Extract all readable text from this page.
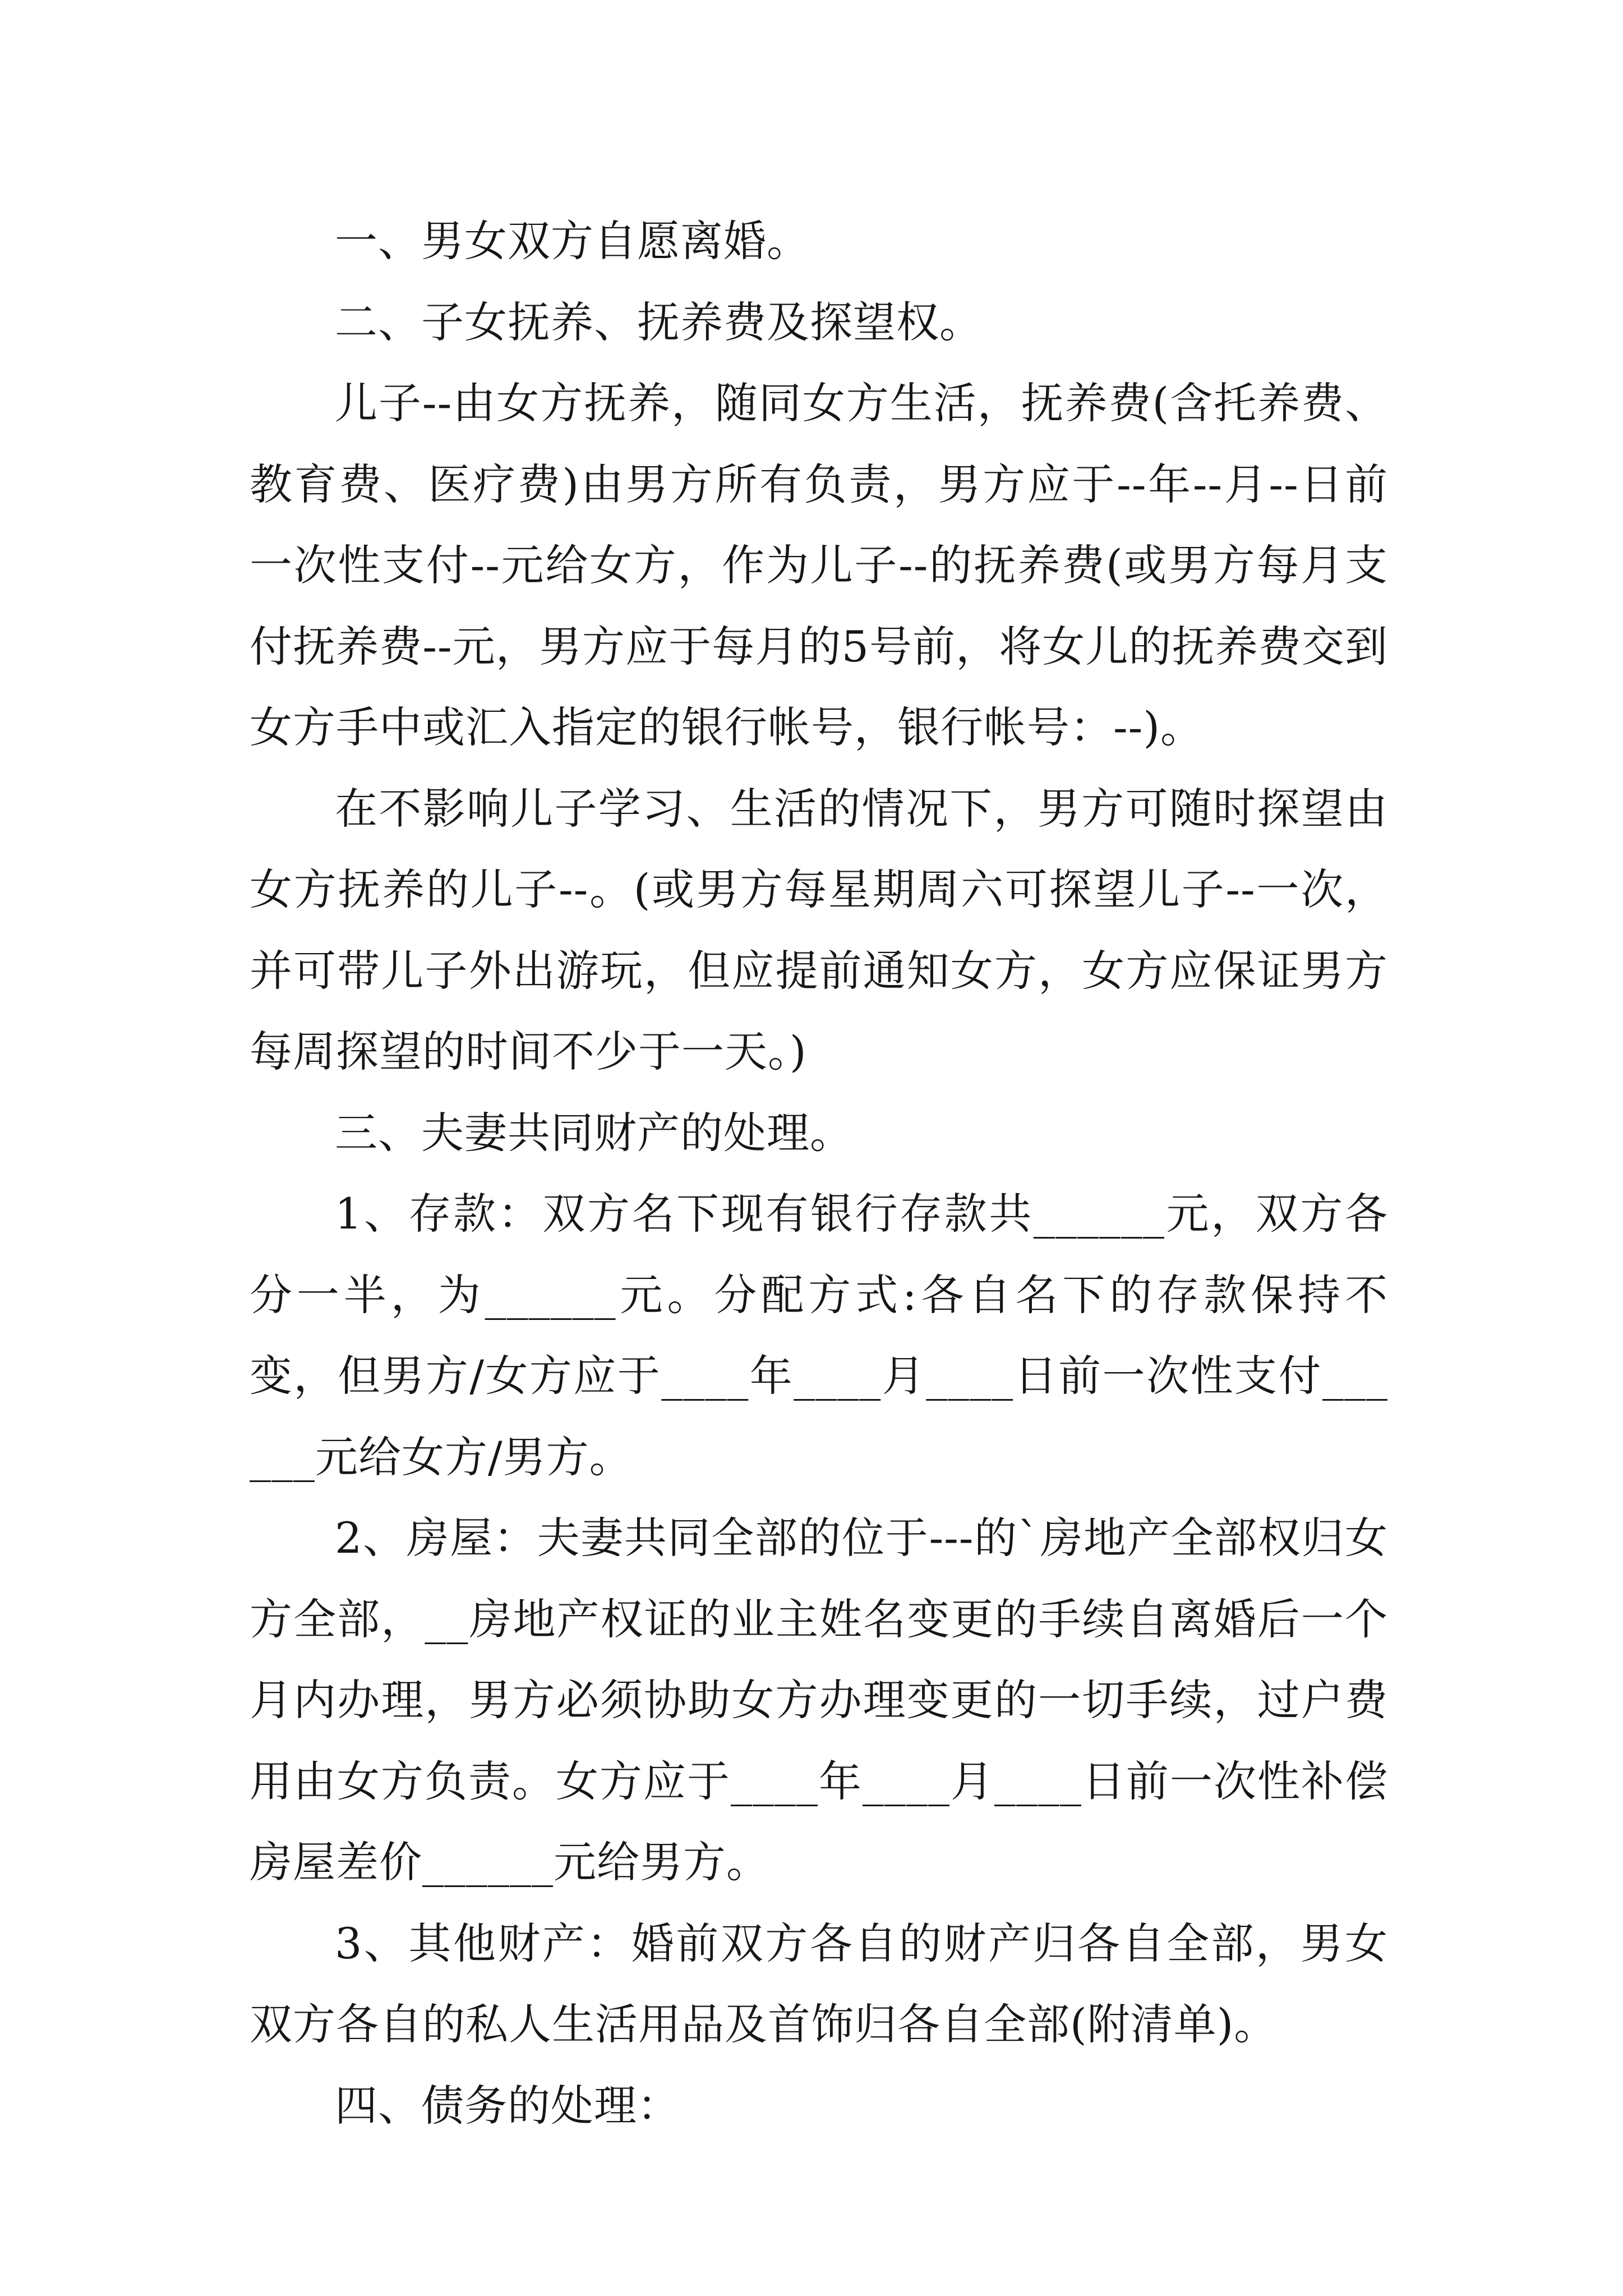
一、男女双方自愿离婚。

二、子女抚养、抚养费及探望权。

儿子--由女方抚养，随同女方生活，抚养费(含托养费、教育费、医疗费)由男方所有负责，男方应于--年--月--日前一次性支付--元给女方，作为儿子--的抚养费(或男方每月支付抚养费--元，男方应于每月的5号前，将女儿的抚养费交到女方手中或汇入指定的银行帐号，银行帐号：--)。

在不影响儿子学习、生活的情况下，男方可随时探望由女方抚养的儿子--。(或男方每星期周六可探望儿子--一次，并可带儿子外出游玩，但应提前通知女方，女方应保证男方每周探望的时间不少于一天。)

三、夫妻共同财产的处理。

1、存款：双方名下现有银行存款共______元，双方各分一半，为______元。分配方式:各自名下的存款保持不变，但男方/女方应于____年____月____日前一次性支付______元给女方/男方。

2、房屋：夫妻共同全部的位于---的`房地产全部权归女方全部，__房地产权证的业主姓名变更的手续自离婚后一个月内办理，男方必须协助女方办理变更的一切手续，过户费用由女方负责。女方应于____年____月____日前一次性补偿房屋差价______元给男方。

3、其他财产：婚前双方各自的财产归各自全部，男女双方各自的私人生活用品及首饰归各自全部(附清单)。

四、债务的处理：
